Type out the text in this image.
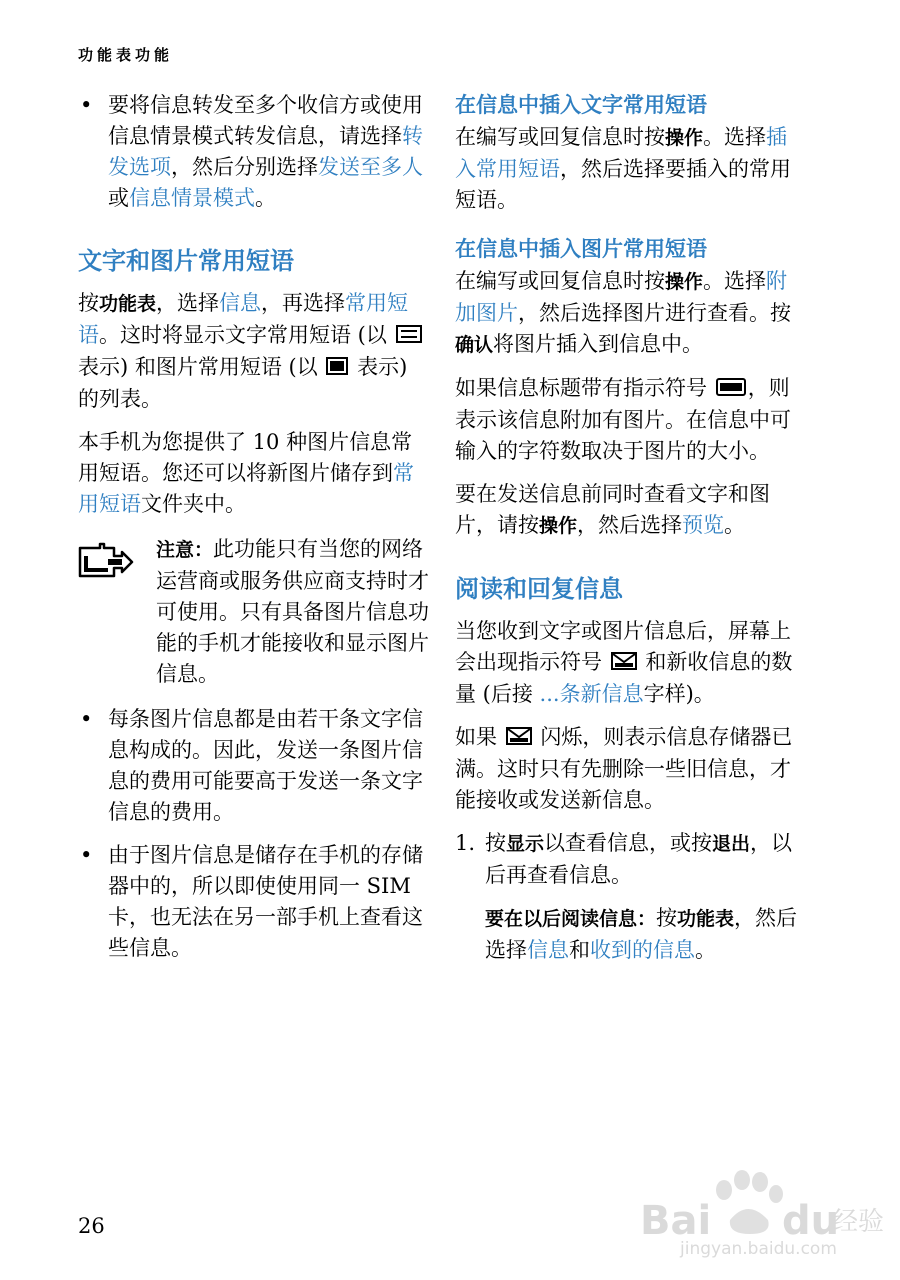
功能表功能
• 要将信息转发至多个收信方或使用信息情景模式转发信息，请选择转发选项，然后分别选择发送至多人或信息情景模式。
文字和图片常用短语

按功能表，选择信息，再选择常用短语。这时将显示文字常用短语 (以  表示) 和图片常用短语 (以  表示) 的列表。

本手机为您提供了 10 种图片信息常用短语。您还可以将新图片储存到常用短语文件夹中。

注意：此功能只有当您的网络运营商或服务供应商支持时才可使用。只有具备图片信息功能的手机才能接收和显示图片信息。

• 每条图片信息都是由若干条文字信息构成的。因此，发送一条图片信息的费用可能要高于发送一条文字信息的费用。
• 由于图片信息是储存在手机的存储器中的，所以即使使用同一 SIM 卡，也无法在另一部手机上查看这些信息。
在信息中插入文字常用短语

在编写或回复信息时按操作。选择插入常用短语，然后选择要插入的常用短语。

在信息中插入图片常用短语

在编写或回复信息时按操作。选择附加图片，然后选择图片进行查看。按确认将图片插入到信息中。

如果信息标题带有指示符号 ，则表示该信息附加有图片。在信息中可输入的字符数取决于图片的大小。

要在发送信息前同时查看文字和图片，请按操作，然后选择预览。

阅读和回复信息

当您收到文字或图片信息后，屏幕上会出现指示符号  和新收信息的数量 (后接 ...条新信息字样)。

如果  闪烁，则表示信息存储器已满。这时只有先删除一些旧信息，才能接收或发送新信息。

1. 按显示以查看信息，或按退出，以后再查看信息。

要在以后阅读信息：按功能表，然后选择信息和收到的信息。

26	Bai du
经验
jingyan.baidu.com
